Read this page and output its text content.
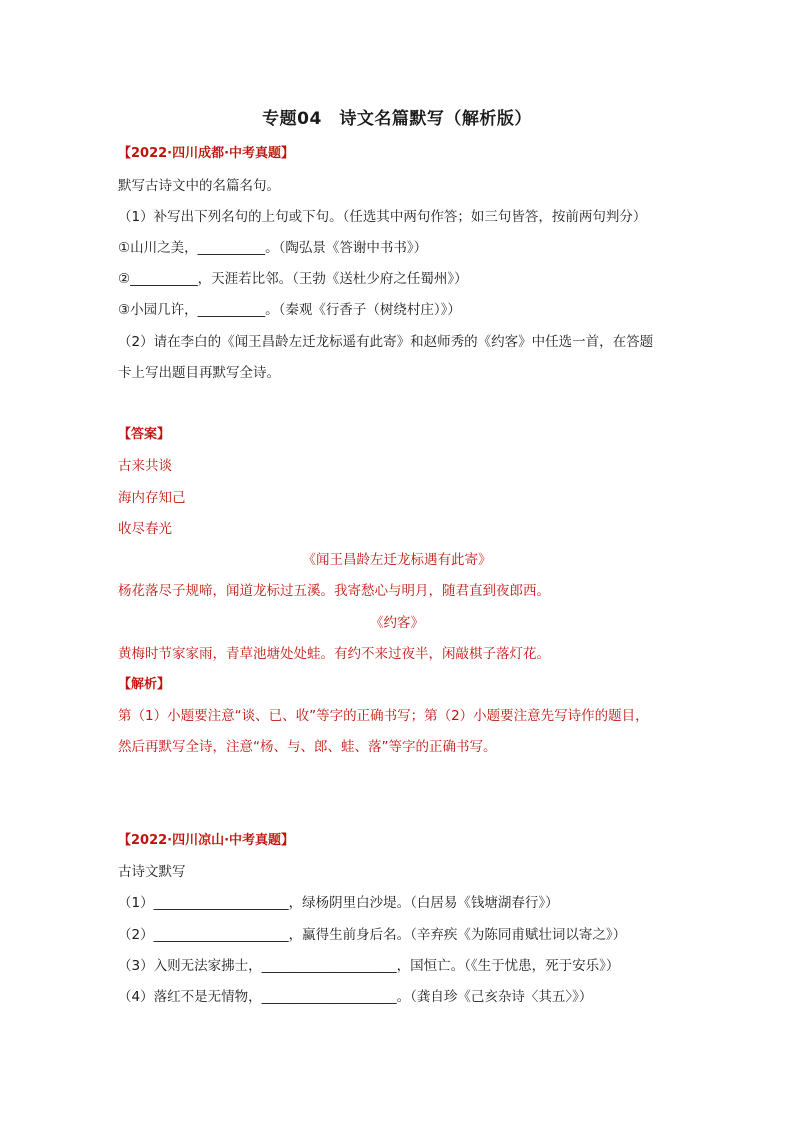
专题04　诗文名篇默写（解析版）
【2022·四川成都·中考真题】
默写古诗文中的名篇名句。
（1）补写出下列名句的上句或下句。（任选其中两句作答；如三句皆答，按前两句判分）
①山川之美，__________。（陶弘景《答谢中书书》）
②__________，天涯若比邻。（王勃《送杜少府之任蜀州》）
③小园几许，__________。（秦观《行香子（树绕村庄）》）
（2）请在李白的《闻王昌龄左迁龙标遥有此寄》和赵师秀的《约客》中任选一首，在答题
卡上写出题目再默写全诗。
【答案】
古来共谈
海内存知己
收尽春光
《闻王昌龄左迁龙标遇有此寄》
杨花落尽子规啼，闻道龙标过五溪。我寄愁心与明月，随君直到夜郎西。
《约客》
黄梅时节家家雨，青草池塘处处蛙。有约不来过夜半，闲敲棋子落灯花。
【解析】
第（1）小题要注意“谈、已、收”等字的正确书写；第（2）小题要注意先写诗作的题目，
然后再默写全诗，注意“杨、与、郎、蛙、落”等字的正确书写。
【2022·四川凉山·中考真题】
古诗文默写
（1）____________________，绿杨阴里白沙堤。（白居易《钱塘湖春行》）
（2）____________________，赢得生前身后名。（辛弃疾《为陈同甫赋壮词以寄之》）
（3）入则无法家拂士，____________________，国恒亡。（《生于忧患，死于安乐》）
（4）落红不是无情物，____________________。（龚自珍《己亥杂诗〈其五〉》）
